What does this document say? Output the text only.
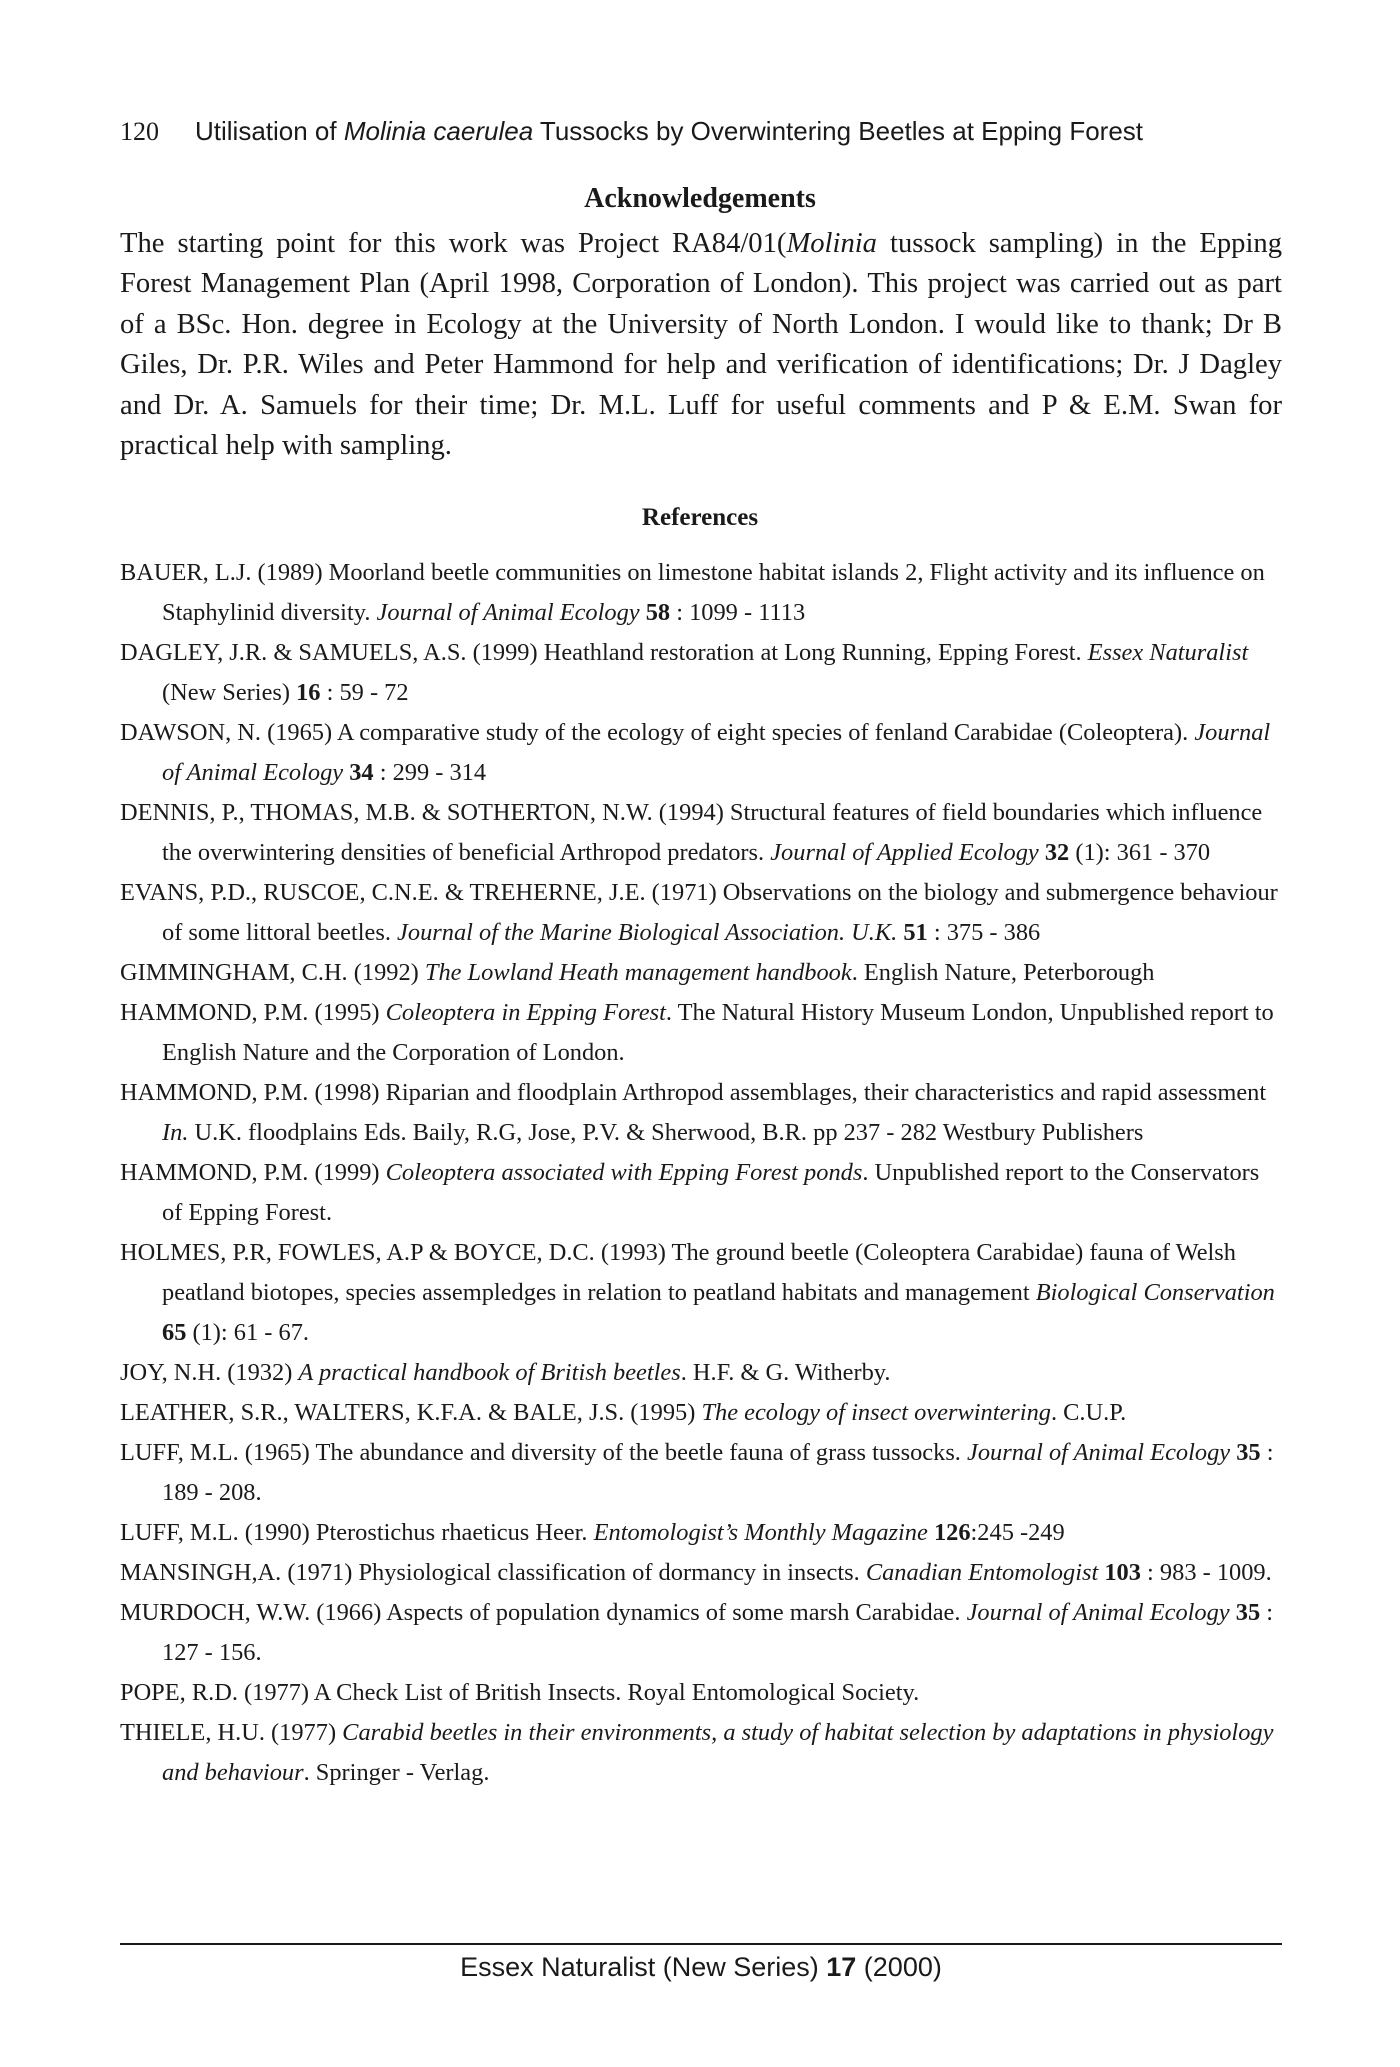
120 Utilisation of Molinia caerulea Tussocks by Overwintering Beetles at Epping Forest
Acknowledgements

The starting point for this work was Project RA84/01(Molinia tussock sampling) in the Epping Forest Management Plan (April 1998, Corporation of London). This project was carried out as part of a BSc. Hon. degree in Ecology at the University of North London. I would like to thank; Dr B Giles, Dr. P.R. Wiles and Peter Hammond for help and verification of identifications; Dr. J Dagley and Dr. A. Samuels for their time; Dr. M.L. Luff for useful comments and P & E.M. Swan for practical help with sampling.

References

BAUER, L.J. (1989) Moorland beetle communities on limestone habitat islands 2, Flight activity and its influence on Staphylinid diversity. Journal of Animal Ecology 58 : 1099 - 1113

DAGLEY, J.R. & SAMUELS, A.S. (1999) Heathland restoration at Long Running, Epping Forest. Essex Naturalist (New Series) 16 : 59 - 72

DAWSON, N. (1965) A comparative study of the ecology of eight species of fenland Carabidae (Coleoptera). Journal of Animal Ecology 34 : 299 - 314

DENNIS, P., THOMAS, M.B. & SOTHERTON, N.W. (1994) Structural features of field boundaries which influence the overwintering densities of beneficial Arthropod predators. Journal of Applied Ecology 32 (1): 361 - 370

EVANS, P.D., RUSCOE, C.N.E. & TREHERNE, J.E. (1971) Observations on the biology and submergence behaviour of some littoral beetles. Journal of the Marine Biological Association. U.K. 51 : 375 - 386

GIMMINGHAM, C.H. (1992) The Lowland Heath management handbook. English Nature, Peterborough

HAMMOND, P.M. (1995) Coleoptera in Epping Forest. The Natural History Museum London, Unpublished report to English Nature and the Corporation of London.

HAMMOND, P.M. (1998) Riparian and floodplain Arthropod assemblages, their characteristics and rapid assessment In. U.K. floodplains Eds. Baily, R.G, Jose, P.V. & Sherwood, B.R. pp 237 - 282 Westbury Publishers

HAMMOND, P.M. (1999) Coleoptera associated with Epping Forest ponds. Unpublished report to the Conservators of Epping Forest.

HOLMES, P.R, FOWLES, A.P & BOYCE, D.C. (1993) The ground beetle (Coleoptera Carabidae) fauna of Welsh peatland biotopes, species assempledges in relation to peatland habitats and management Biological Conservation 65 (1): 61 - 67.

JOY, N.H. (1932) A practical handbook of British beetles. H.F. & G. Witherby.

LEATHER, S.R., WALTERS, K.F.A. & BALE, J.S. (1995) The ecology of insect overwintering. C.U.P.

LUFF, M.L. (1965) The abundance and diversity of the beetle fauna of grass tussocks. Journal of Animal Ecology 35 : 189 - 208.

LUFF, M.L. (1990) Pterostichus rhaeticus Heer. Entomologist’s Monthly Magazine 126:245 -249

MANSINGH,A. (1971) Physiological classification of dormancy in insects. Canadian Entomologist 103 : 983 - 1009.

MURDOCH, W.W. (1966) Aspects of population dynamics of some marsh Carabidae. Journal of Animal Ecology 35 : 127 - 156.

POPE, R.D. (1977) A Check List of British Insects. Royal Entomological Society.

THIELE, H.U. (1977) Carabid beetles in their environments, a study of habitat selection by adaptations in physiology and behaviour. Springer - Verlag.

Essex Naturalist (New Series) 17 (2000)
